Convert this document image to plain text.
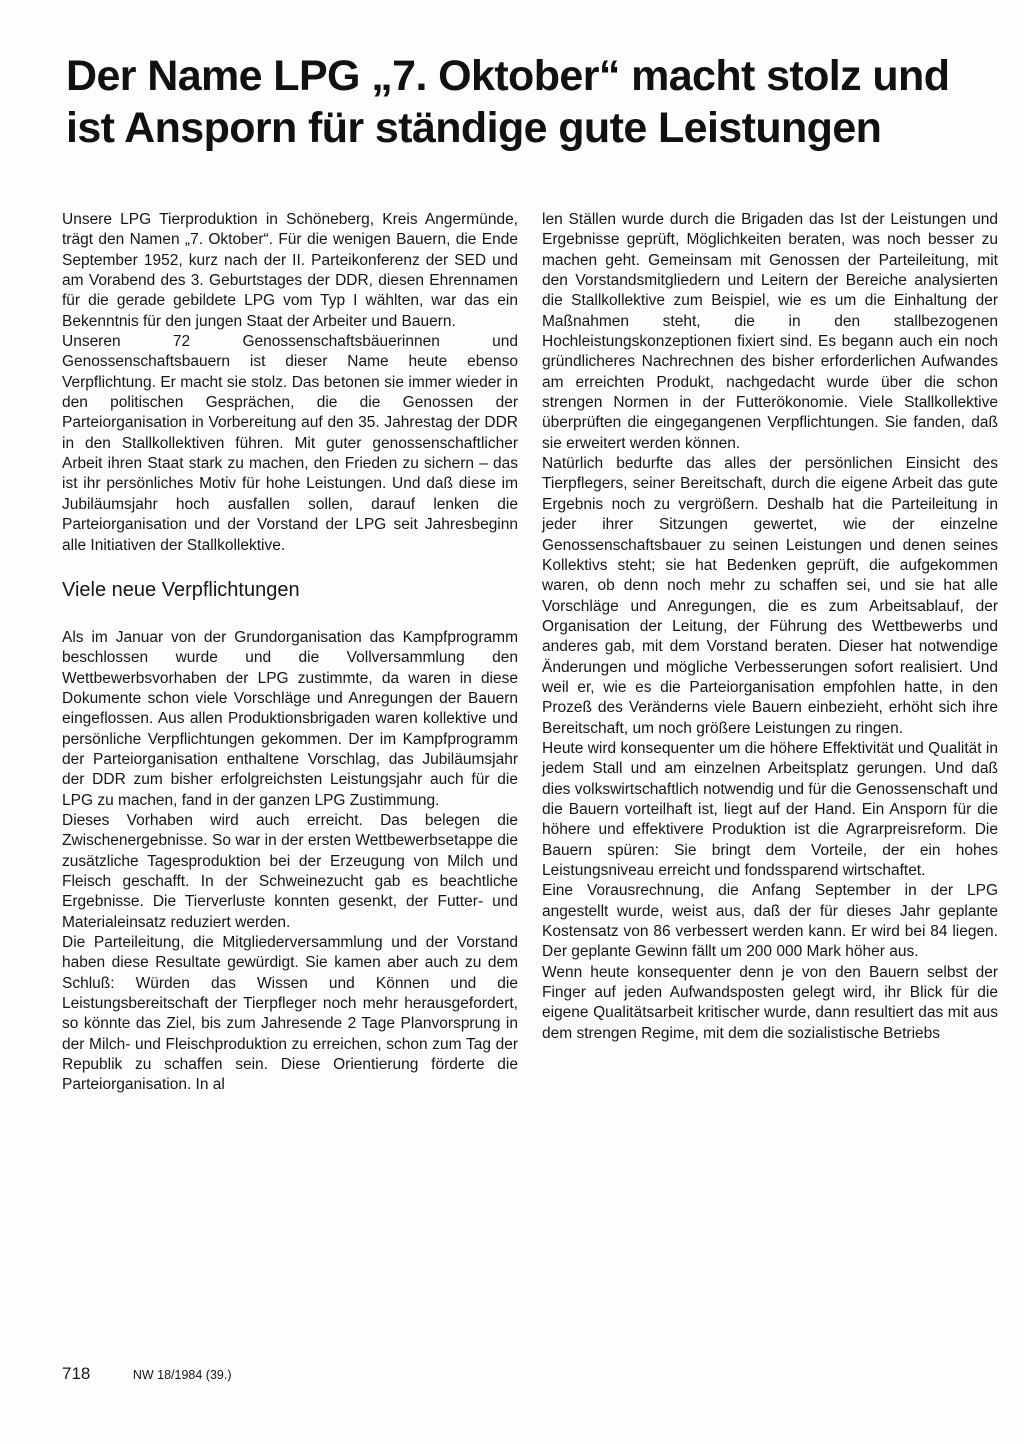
Der Name LPG „7. Oktober“ macht stolz und
ist Ansporn für ständige gute Leistungen

Unsere LPG Tierproduktion in Schöneberg, Kreis Angermünde, trägt den Namen „7. Oktober“. Für die wenigen Bauern, die Ende September 1952, kurz nach der II. Parteikonferenz der SED und am Vorabend des 3. Geburtstages der DDR, diesen Ehrennamen für die gerade gebildete LPG vom Typ I wählten, war das ein Bekenntnis für den jungen Staat der Arbeiter und Bauern.

Unseren 72 Genossenschaftsbäuerinnen und Genossenschaftsbauern ist dieser Name heute ebenso Verpflichtung. Er macht sie stolz. Das betonen sie immer wieder in den politischen Gesprächen, die die Genossen der Parteiorganisation in Vorbereitung auf den 35. Jahrestag der DDR in den Stallkollektiven führen. Mit guter genossenschaftlicher Arbeit ihren Staat stark zu machen, den Frieden zu sichern – das ist ihr persönliches Motiv für hohe Leistungen. Und daß diese im Jubiläumsjahr hoch ausfallen sollen, darauf lenken die Parteiorganisation und der Vorstand der LPG seit Jahresbeginn alle Initiativen der Stallkollektive.

Viele neue Verpflichtungen

Als im Januar von der Grundorganisation das Kampfprogramm beschlossen wurde und die Vollversammlung den Wettbewerbsvorhaben der LPG zustimmte, da waren in diese Dokumente schon viele Vorschläge und Anregungen der Bauern eingeflossen. Aus allen Produktionsbrigaden waren kollektive und persönliche Verpflichtungen gekommen. Der im Kampfprogramm der Parteiorganisation enthaltene Vorschlag, das Jubiläumsjahr der DDR zum bisher erfolgreichsten Leistungsjahr auch für die LPG zu machen, fand in der ganzen LPG Zustimmung.

Dieses Vorhaben wird auch erreicht. Das belegen die Zwischenergebnisse. So war in der ersten Wettbewerbsetappe die zusätzliche Tagesproduktion bei der Erzeugung von Milch und Fleisch geschafft. In der Schweinezucht gab es beachtliche Ergebnisse. Die Tierverluste konnten gesenkt, der Futter- und Materialeinsatz reduziert werden.

Die Parteileitung, die Mitgliederversammlung und der Vorstand haben diese Resultate gewürdigt. Sie kamen aber auch zu dem Schluß: Würden das Wissen und Können und die Leistungsbereitschaft der Tierpfleger noch mehr herausgefordert, so könnte das Ziel, bis zum Jahresende 2 Tage Planvorsprung in der Milch- und Fleischproduktion zu erreichen, schon zum Tag der Republik zu schaffen sein. Diese Orientierung förderte die Parteiorganisation. In al

len Ställen wurde durch die Brigaden das Ist der Leistungen und Ergebnisse geprüft, Möglichkeiten beraten, was noch besser zu machen geht. Gemeinsam mit Genossen der Parteileitung, mit den Vorstandsmitgliedern und Leitern der Bereiche analysierten die Stallkollektive zum Beispiel, wie es um die Einhaltung der Maßnahmen steht, die in den stallbezogenen Hochleistungskonzeptionen fixiert sind. Es begann auch ein noch gründlicheres Nachrechnen des bisher erforderlichen Aufwandes am erreichten Produkt, nachgedacht wurde über die schon strengen Normen in der Futterökonomie. Viele Stallkollektive überprüften die eingegangenen Verpflichtungen. Sie fanden, daß sie erweitert werden können.

Natürlich bedurfte das alles der persönlichen Einsicht des Tierpflegers, seiner Bereitschaft, durch die eigene Arbeit das gute Ergebnis noch zu vergrößern. Deshalb hat die Parteileitung in jeder ihrer Sitzungen gewertet, wie der einzelne Genossenschaftsbauer zu seinen Leistungen und denen seines Kollektivs steht; sie hat Bedenken geprüft, die aufgekommen waren, ob denn noch mehr zu schaffen sei, und sie hat alle Vorschläge und Anregungen, die es zum Arbeitsablauf, der Organisation der Leitung, der Führung des Wettbewerbs und anderes gab, mit dem Vorstand beraten. Dieser hat notwendige Änderungen und mögliche Verbesserungen sofort realisiert. Und weil er, wie es die Parteiorganisation empfohlen hatte, in den Prozeß des Veränderns viele Bauern einbezieht, erhöht sich ihre Bereitschaft, um noch größere Leistungen zu ringen.

Heute wird konsequenter um die höhere Effektivität und Qualität in jedem Stall und am einzelnen Arbeitsplatz gerungen. Und daß dies volkswirtschaftlich notwendig und für die Genossenschaft und die Bauern vorteilhaft ist, liegt auf der Hand. Ein Ansporn für die höhere und effektivere Produktion ist die Agrarpreisreform. Die Bauern spüren: Sie bringt dem Vorteile, der ein hohes Leistungsniveau erreicht und fondssparend wirtschaftet.

Eine Vorausrechnung, die Anfang September in der LPG angestellt wurde, weist aus, daß der für dieses Jahr geplante Kostensatz von 86 verbessert werden kann. Er wird bei 84 liegen. Der geplante Gewinn fällt um 200 000 Mark höher aus.

Wenn heute konsequenter denn je von den Bauern selbst der Finger auf jeden Aufwandsposten gelegt wird, ihr Blick für die eigene Qualitätsarbeit kritischer wurde, dann resultiert das mit aus dem strengen Regime, mit dem die sozialistische Betriebs

718	NW 18/1984 (39.)
